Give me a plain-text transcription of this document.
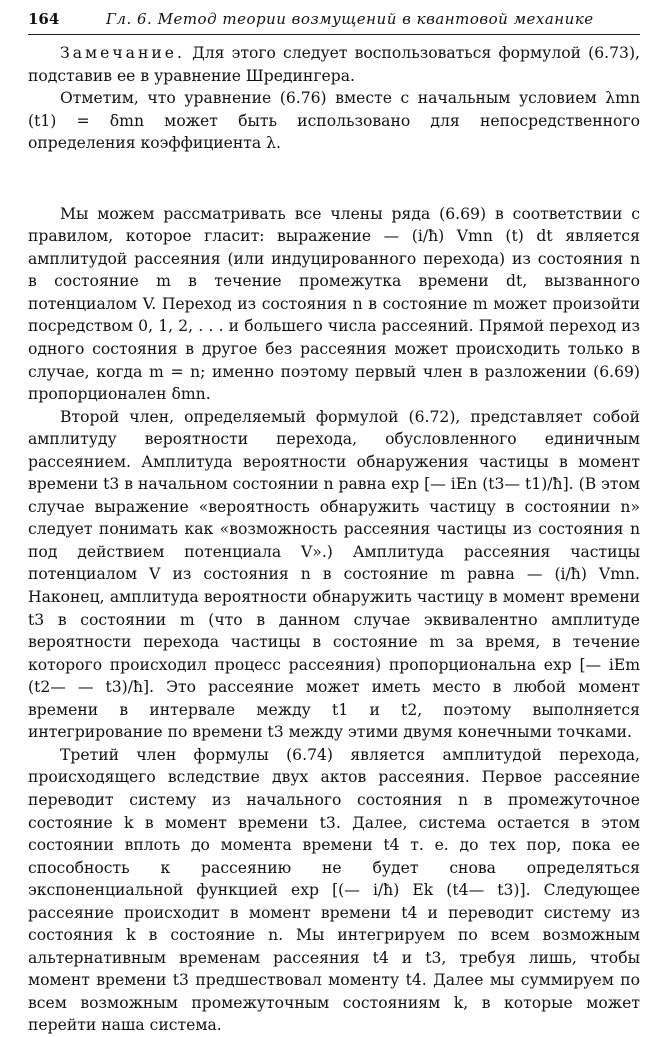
164	Гл. 6. Метод теории возмущений в квантовой механике

Замечание. Для этого следует воспользоваться формулой (6.73), подставив ее в уравнение Шредингера.

Отметим, что уравнение (6.76) вместе с начальным условием λmn (t1) = δmn может быть использовано для непосредственного определения коэффициента λ.

Мы можем рассматривать все члены ряда (6.69) в соответствии с правилом, которое гласит: выражение — (i/ħ) Vmn (t) dt является амплитудой рассеяния (или индуцированного перехода) из состояния n в состояние m в течение промежутка времени dt, вызванного потенциалом V. Переход из состояния n в состояние m может произойти посредством 0, 1, 2, . . . и большего числа рассеяний. Прямой переход из одного состояния в другое без рассеяния может происходить только в случае, когда m = n; именно поэтому первый член в разложении (6.69) пропорционален δmn.

Второй член, определяемый формулой (6.72), представляет собой амплитуду вероятности перехода, обусловленного единичным рассеянием. Амплитуда вероятности обнаружения частицы в момент времени t3 в начальном состоянии n равна exp [— iEn (t3— t1)/ħ]. (В этом случае выражение «вероятность обнаружить частицу в состоянии n» следует понимать как «возможность рассеяния частицы из состояния n под действием потенциала V».) Амплитуда рассеяния частицы потенциалом V из состояния n в состояние m равна — (i/ħ) Vmn. Наконец, амплитуда вероятности обнаружить частицу в момент времени t3 в состоянии m (что в данном случае эквивалентно амплитуде вероятности перехода частицы в состояние m за время, в течение которого происходил процесс рассеяния) пропорциональна exp [— iEm (t2— — t3)/ħ]. Это рассеяние может иметь место в любой момент времени в интервале между t1 и t2, поэтому выполняется интегрирование по времени t3 между этими двумя конечными точками.

Третий член формулы (6.74) является амплитудой перехода, происходящего вследствие двух актов рассеяния. Первое рассеяние переводит систему из начального состояния n в промежуточное состояние k в момент времени t3. Далее, система остается в этом состоянии вплоть до момента времени t4 т. е. до тех пор, пока ее способность к рассеянию не будет снова определяться экспоненциальной функцией exp [(— i/ħ) Ek (t4— t3)]. Следующее рассеяние происходит в момент времени t4 и переводит систему из состояния k в состояние n. Мы интегрируем по всем возможным альтернативным временам рассеяния t4 и t3, требуя лишь, чтобы момент времени t3 предшествовал моменту t4. Далее мы суммируем по всем возможным промежуточным состояниям k, в которые может перейти наша система.
